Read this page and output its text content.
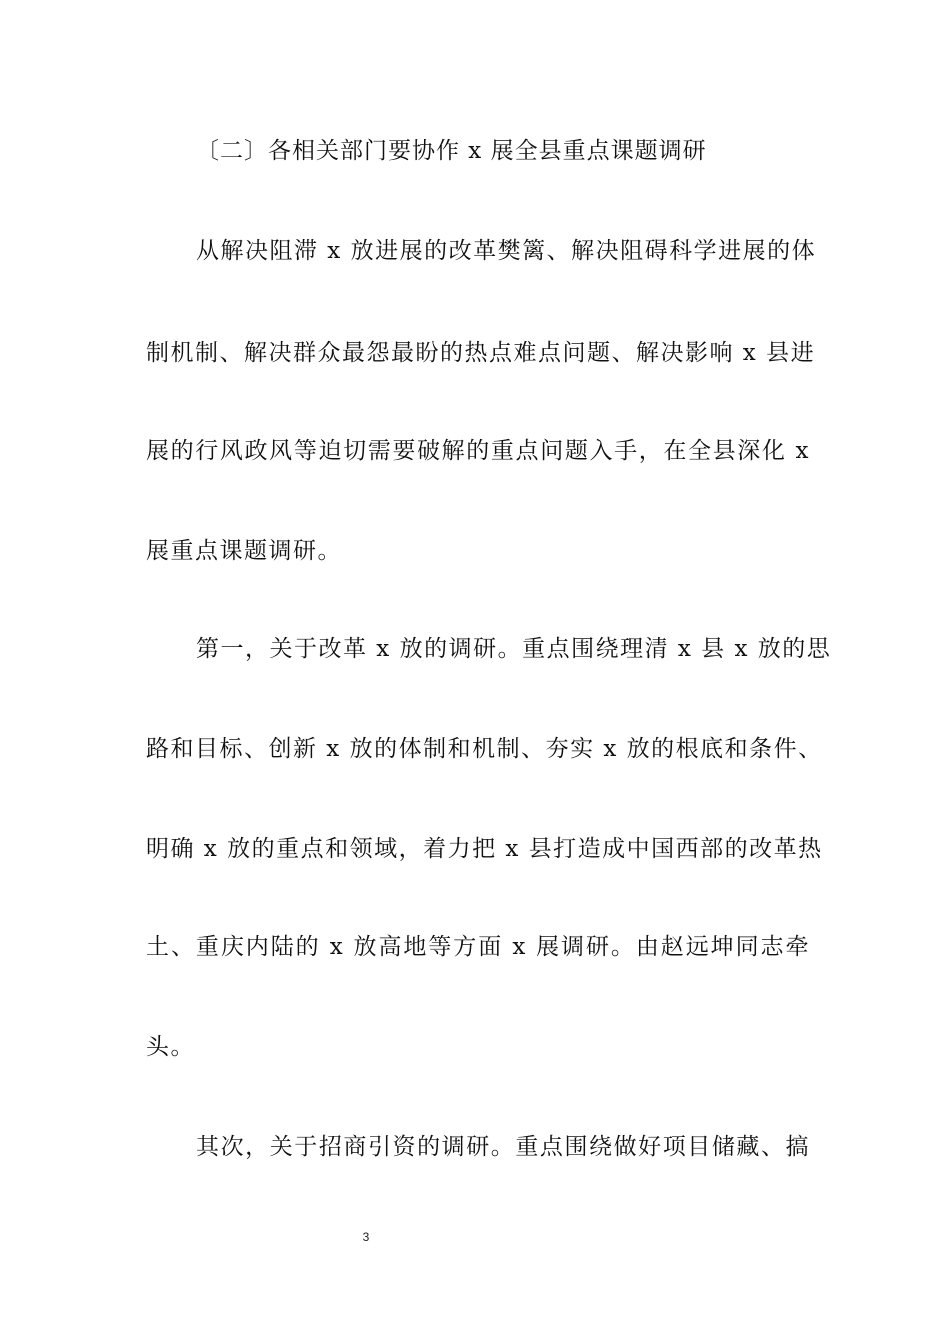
〔二〕各相关部门要协作 x 展全县重点课题调研
从解决阻滞 x 放进展的改革樊篱、解决阻碍科学进展的体
制机制、解决群众最怨最盼的热点难点问题、解决影响 x 县进
展的行风政风等迫切需要破解的重点问题入手，在全县深化 x
展重点课题调研。
第一，关于改革 x 放的调研。重点围绕理清 x 县 x 放的思
路和目标、创新 x 放的体制和机制、夯实 x 放的根底和条件、
明确 x 放的重点和领域，着力把 x 县打造成中国西部的改革热
土、重庆内陆的 x 放高地等方面 x 展调研。由赵远坤同志牵
头。
其次，关于招商引资的调研。重点围绕做好项目储藏、搞
3
